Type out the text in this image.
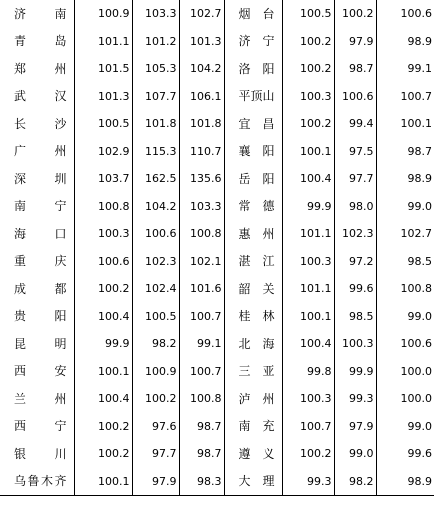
济南	100.9	103.3	102.7	烟台	100.5	100.2	100.6
青岛	101.1	101.2	101.3	济宁	100.2	97.9	98.9
郑州	101.5	105.3	104.2	洛阳	100.2	98.7	99.1
武汉	101.3	107.7	106.1	平顶山	100.3	100.6	100.7
长沙	100.5	101.8	101.8	宜昌	100.2	99.4	100.1
广州	102.9	115.3	110.7	襄阳	100.1	97.5	98.7
深圳	103.7	162.5	135.6	岳阳	100.4	97.7	98.9
南宁	100.8	104.2	103.3	常德	99.9	98.0	99.0
海口	100.3	100.6	100.8	惠州	101.1	102.3	102.7
重庆	100.6	102.3	102.1	湛江	100.3	97.2	98.5
成都	100.2	102.4	101.6	韶关	101.1	99.6	100.8
贵阳	100.4	100.5	100.7	桂林	100.1	98.5	99.0
昆明	99.9	98.2	99.1	北海	100.4	100.3	100.6
西安	100.1	100.9	100.7	三亚	99.8	99.9	100.0
兰州	100.4	100.2	100.8	泸州	100.3	99.3	100.0
西宁	100.2	97.6	98.7	南充	100.7	97.9	99.0
银川	100.2	97.7	98.7	遵义	100.2	99.0	99.6
乌鲁木齐	100.1	97.9	98.3	大理	99.3	98.2	98.9
